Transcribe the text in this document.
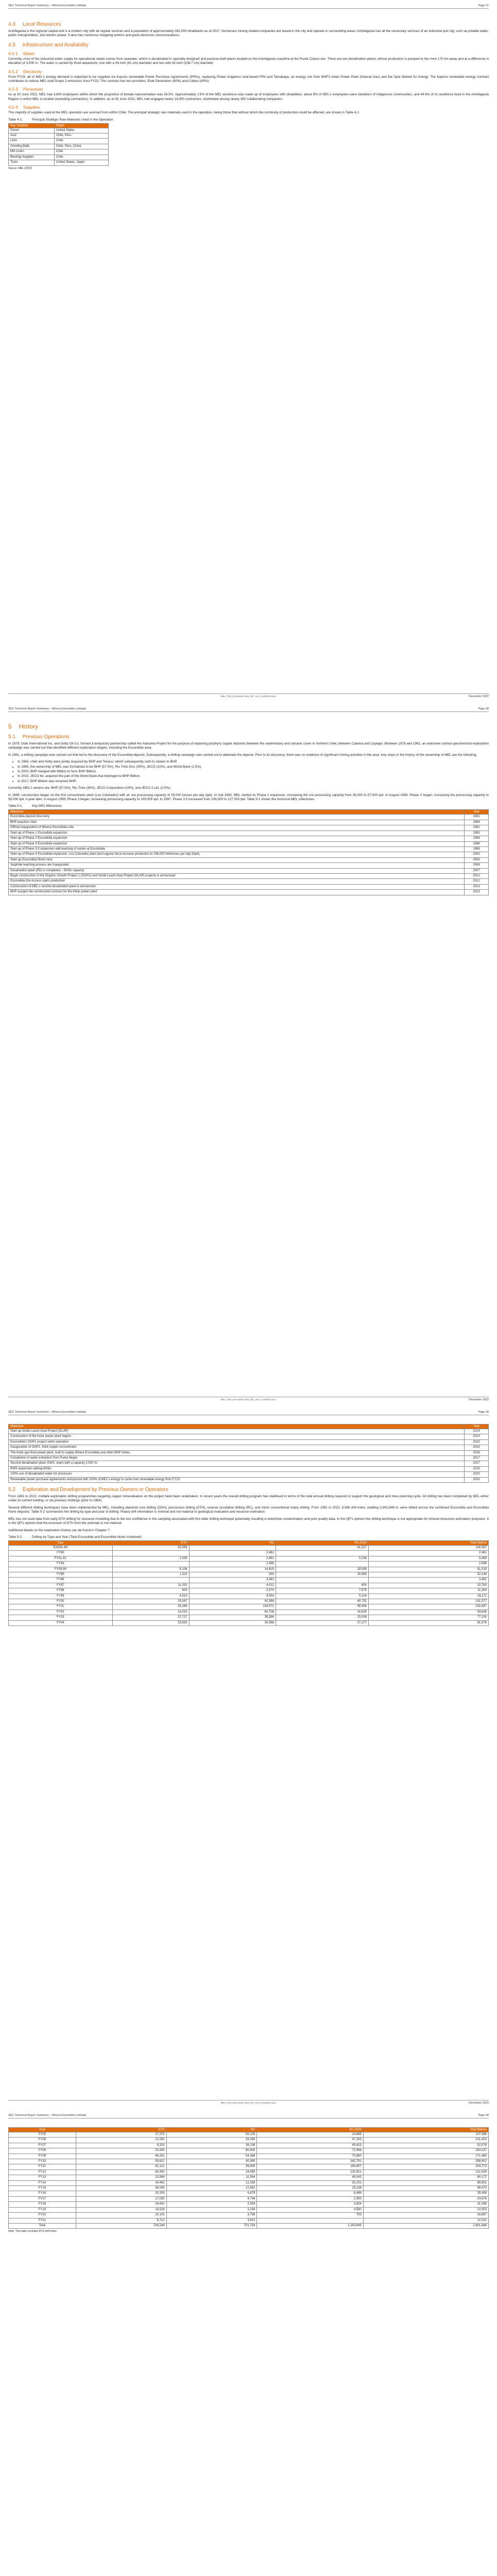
SEC Technical Report Summary – Minera Escondida Limitada	Page 37
4.4 Local Resources

Antofagasta is the regional capital and is a modern city with all regular services and a population of approximately 362,000 inhabitants as of 2017. Numerous mining-related companies are based in the city and operate in surrounding areas. Antofagasta has all the necessary services of an industrial port city, such as potable water, public transportation, and electric power. It also has numerous shopping centres and good electronic communications.

4.5 Infrastructure and Availability
4.5.1 Water

Currently, most of the industrial water supply for operational needs comes from seawater, which is desalinated in specially designed and purpose-built plants located on the Antofagasta coastline at the Punta Coloso site. There are two desalination plants, whose production is pumped to the mine 170 km away and at a difference in elevation of 3,000 m. The water is carried by three aqueducts; one with a 24-inch (61 cm) diameter and two with 42-inch (106.7 cm) diameter.

4.5.2 Electricity

From FY23, all of MEL's energy demand is expected to be supplied via Kaynos renewable Power Purchase Agreements (PPAs), replacing Power Angamos coal-based PPA and Tamakaya, an energy mix from BHP's Kelar Power Plant (Natural Gas) and the Spot Market for energy. The Kaynos renewable energy contract contributes to reduce MEL total Scope 2 emissions from FY23. This contract has two providers, Enel Generation (60%) and Colbun (40%).

4.5.3 Personnel

As at 30 June 2022, MEL had 3,800 employees within which the proportion of female representation was 26.5%. Approximately 1.5% of the MEL workforce was made up of employees with disabilities, about 9% of MEL's employees were members of indigenous communities, and 44.6% of its workforce lived in the Antofagasta Region in which MEL is located (excluding contractors). In addition, as at 30 June 2022, MEL had engaged nearly 14,000 contractors, distributed among nearly 350 collaborating companies.

4.5.4 Supplies

The majority of supplies used at the MEL operation are sourced from within Chile. The principal strategic raw materials used in the operation, being those that without which the continuity of production could be affected, are shown in Table 4-1.

Table 4-1.	Principal Strategic Raw Materials Used in the Operation
Key Supplies	Origin
Diesel	United States
Acid	Chile, Peru
Lime	Chile
Grinding Balls	Chile, Peru, China
Mill Liners	Chile
Blasting Supplies	Chile
Tyres	United States, Japan
Source: MEL (2022)
MEL_TRS_December 2022_MT_rev4_LOOKED.docx	December 2022
SEC Technical Report Summary – Minera Escondida Limitada	Page 38
5 History
5.1 Previous Operations

In 1978, Utah International Inc. and Getty Oil Co. formed a temporary partnership called the Atacama Project for the purpose of exploring porphyry copper deposits between the sedimentary and volcanic cover in northern Chile, between Calama and Copiapó. Between 1978 and 1981, an extensive surface geochemical exploration campaign was carried out that identified different exploration targets, including the Escondida area.

In 1981, a drilling campaign was carried out that led to the discovery of the Escondida deposit. Subsequently, a drilling campaign was carried out to delineate the deposit. Prior to its discovery, there was no evidence of significant mining activities in the area. Key steps in the history of the ownership of MEL are the following:

• In 1984, Utah and Getty were jointly acquired by BHP and Texaco, which subsequently sold its shares to BHP.
• In 1985, the ownership of MEL was formalised to be BHP (57.5%); Rio Tinto Zinc (30%), JECO (10%), and World Bank (2.5%).
• In 2003, BHP merged with Billiton to form BHP Billiton.
• In 2010, JECO ltd. acquired the part of the World Bank that belonged to BHP Billiton.
• In 2017, BHP Billiton was renamed BHP.

Currently, MEL's owners are: BHP (57.5%), Rio Tinto (30%), JECO Corporation (10%), and JECO 2 Ltd. (2.5%).

In 1989, construction began on the first concentrator plant (Los Colorados) with an ore processing capacity of 35,000 tonnes per day (tpd). In mid-1993, MEL started its Phase 1 expansion, increasing the ore processing capacity from 35,000 to 57,500 tpd. In August 1994, Phase 2 began, increasing the processing capacity to 55,000 tpd. A year later, in August 1995, Phase 3 began, increasing processing capacity to 105,000 tpd. In 1997, Phase 3.5 increased from 105,000 to 127,500 tpd. Table 5-1 shows the historical MEL milestones.

Table 5-1.	Key MEL Milestones
Milestone	Year
Escondida deposit discovery	1981
BHP acquires Utah	1984
Official inauguration of Minera Escondida Ltda.	1991
Start-up of Phase 1 Escondida expansion	1993
Start-up of Phase 2 Escondida expansion	1994
Start-up of Phase 3 Escondida expansion	1996
Start-up of Phase 3.5 expansion add leaching of oxides at Escondida.	1998
Start-up of Phase 4 Escondida expansion, Los Colorados plant and Laguna Seca increase production to 236,000 kilotonnes per day (ktpd).	2002
Start-up Escondida Norte mine	2005
Sulphide leaching process are inaugurated	2006
Desalination plant (PD) is completed – 500l/s capacity	2007
Begin construction of the Organic Growth Project 1 (OGP1) and Oxide Leach Area Project (OLAP) projects is announced	2012
Escondida Ore Access starts production	2012
Construction of MEL's second desalination plant is announced	2013
BHP assigns the construction contract for the Kelar power plant	2013
MEL_TRS_December 2022_MT_rev4_LOOKED.docx	December 2022
SEC Technical Report Summary – Minera Escondida Limitada	Page 39
Milestone	Year
Start-up Oxide Leach Area Project (OLAP)	2014
Construction of the Kelar power plant begins	2014
Escondida's OGP1 project starts operation	2015
Inauguration of OGP1, third copper concentrator.	2016
The Kelar gas-fired power plant, built to supply Minera Escondida and other BHP mines.	2016
Completion of water extraction from Punta Negra	2017
Second desalination plant, EWS, starts with a capacity 2,500 l/s	2017
EWS expansion adding 833l/s	2019
100% use of desalinated water for processes	2020
Renewable power purchase agreements announced with 100% of MEL's energy to come from renewable energy from FY23	2020
5.2 Exploration and Development by Previous Owners or Operators

From 1981 to 2022, multiple exploration drilling programmes targeting copper mineralisation on the project have been undertaken. In recent years the overall drilling program has stabilised in terms of the total annual drilling required to support the geological and mine planning cycle. All drilling has been completed by MEL either under its current holding, or via previous holdings (prior to 1984).

Several different drilling techniques have been implemented by MEL, including diamond core drilling (DDH), percussion drilling (DTH), reverse circulation drilling (RC), and minor conventional rotary drilling. From 1981 to 2022, 8,586 drill holes, totalling 2,691,848 m, were drilled across the combined Escondida and Escondida Norte deposits. Table 5-2 summarizes the drilling by type and year of drilling. Rotary drill information is minimal and not material to geological evaluation and resource estimation.

MEL has not used data from early DTH drilling for resource modelling due to the low confidence in the sampling associated with this older drilling technique potentially resulting in downhole contamination and poor quality data. In the QP's opinion this drilling technique is not appropriate for mineral resources estimation purposes. It is the QP's opinion that the exclusion of DTH from the estimate is not material.

Additional details on the exploration history can be found in Chapter 7.

Table 5-2.	Drilling by Type and Year (Total Escondida and Escondida Norte combined)
Year	DTH	RC	RC-DDH	Total Metres
EXP81-89	55,059		61,527	116,587
FY90		2,461		2,461
FY91-92	1,339	2,962	5,158	9,469
FY93		2,998		2,998
FY93-94	8,106	14,815	28,098	51,019
FY95	1,323	250	30,565	32,138
FY96		3,462		3,462
FY97	11,152	4,012	600	15,763
FY98	805	2,570	7,975	11,350
FY99	4,513	9,554	5,104	19,171
FY00	19,167	42,388	40,792	101,377
FY01	33,169	103,572	95,956	232,697
FY02	16,015	60,708	16,925	93,648
FY03	22,727	39,386	15,008	77,100
FY04	23,933	30,368	27,277	81,578
MEL_TRS_December 2022_MT_rev4_LOOKED.docx	December 2022
SEC Technical Report Summary – Minera Escondida Limitada	Page 40
Year	DTH	RC	RC-DDH	Total Metres
FY05	27,375	55,135	24,886	107,396
FY06	21,050	33,056	47,255	101,403
FY07	9,315	36,138	45,625	92,078
FY08	20,340	60,800	72,996	154,137
FY09	46,251	54,368	70,880	171,490
FY10	55,621	40,390	262,791	358,802
FY11	62,121	38,849	163,807	264,773
FY12	83,492	24,595	102,921	211,009
FY13	23,566	11,564	45,042	80,172
FY14	24,462	12,158	32,231	68,851
FY15	38,083	12,652	19,138	69,473
FY16	20,335	6,679	8,486	35,499
FY17	17,030	4,746	2,900	24,676
FY18	24,841	2,594	3,654	31,089
FY19	14,529	3,194	4,580	22,303
FY20	14,141	3,756	793	18,657
FY21	6,712	3,610		10,322
Total	726,244	721,754	1,243,849	2,691,848
Note: This table excludes DTH drill holes.
